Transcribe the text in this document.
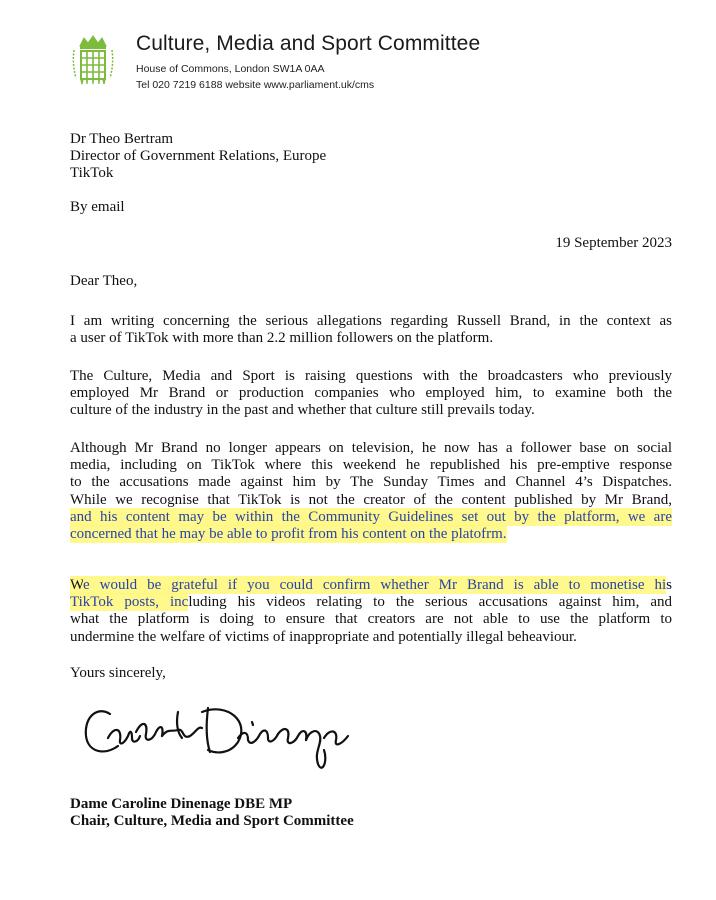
Culture, Media and Sport Committee
House of Commons, London SW1A 0AA
Tel 020 7219 6188 website www.parliament.uk/cms
Dr Theo Bertram
Director of Government Relations, Europe
TikTok
By email
19 September 2023
Dear Theo,
I am writing concerning the serious allegations regarding Russell Brand, in the context as
a user of TikTok with more than 2.2 million followers on the platform.
The Culture, Media and Sport is raising questions with the broadcasters who previously
employed Mr Brand or production companies who employed him, to examine both the
culture of the industry in the past and whether that culture still prevails today.
Although Mr Brand no longer appears on television, he now has a follower base on social
media, including on TikTok where this weekend he republished his pre-emptive response
to the accusations made against him by The Sunday Times and Channel 4’s Dispatches.
While we recognise that TikTok is not the creator of the content published by Mr Brand,
and his content may be within the Community Guidelines set out by the platform, we are
concerned that he may be able to profit from his content on the platofrm.
We would be grateful if you could confirm whether Mr Brand is able to monetise his
TikTok posts, including his videos relating to the serious accusations against him, and
what the platform is doing to ensure that creators are not able to use the platform to
undermine the welfare of victims of inappropriate and potentially illegal beheaviour.
Yours sincerely,
Dame Caroline Dinenage DBE MP
Chair, Culture, Media and Sport Committee
